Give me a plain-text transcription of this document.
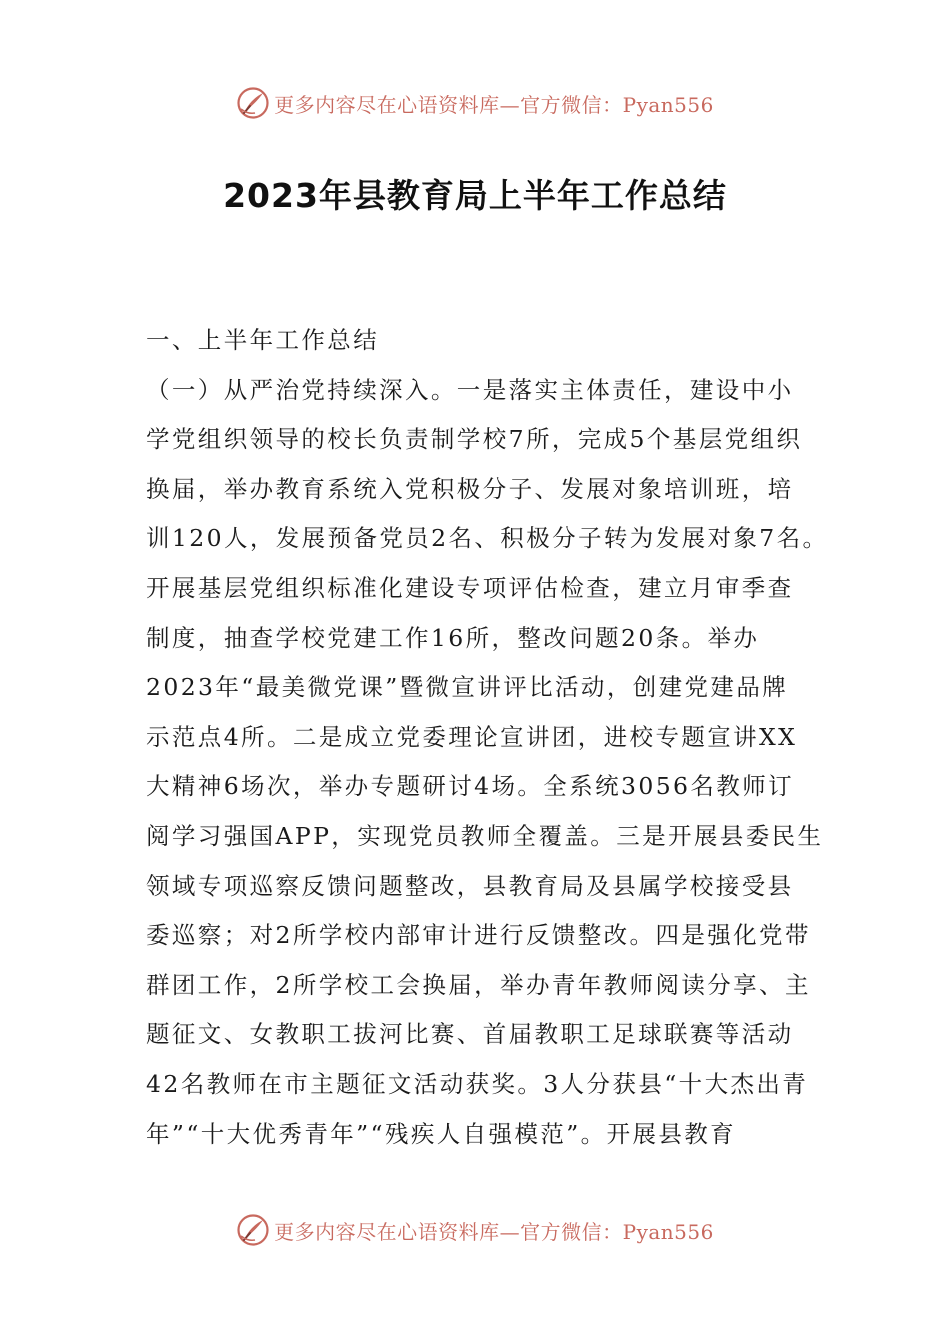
更多内容尽在心语资料库—官方微信：Pyan556
2023年县教育局上半年工作总结
一、上半年工作总结
（一）从严治党持续深入。一是落实主体责任，建设中小
学党组织领导的校长负责制学校7所，完成5个基层党组织
换届，举办教育系统入党积极分子、发展对象培训班，培
训120人，发展预备党员2名、积极分子转为发展对象7名。
开展基层党组织标准化建设专项评估检查，建立月审季查
制度，抽查学校党建工作16所，整改问题20条。举办
2023年“最美微党课”暨微宣讲评比活动，创建党建品牌
示范点4所。二是成立党委理论宣讲团，进校专题宣讲XX
大精神6场次，举办专题研讨4场。全系统3056名教师订
阅学习强国APP，实现党员教师全覆盖。三是开展县委民生
领域专项巡察反馈问题整改，县教育局及县属学校接受县
委巡察；对2所学校内部审计进行反馈整改。四是强化党带
群团工作，2所学校工会换届，举办青年教师阅读分享、主
题征文、女教职工拔河比赛、首届教职工足球联赛等活动
42名教师在市主题征文活动获奖。3人分获县“十大杰出青
年”“十大优秀青年”“残疾人自强模范”。开展县教育
更多内容尽在心语资料库—官方微信：Pyan556
